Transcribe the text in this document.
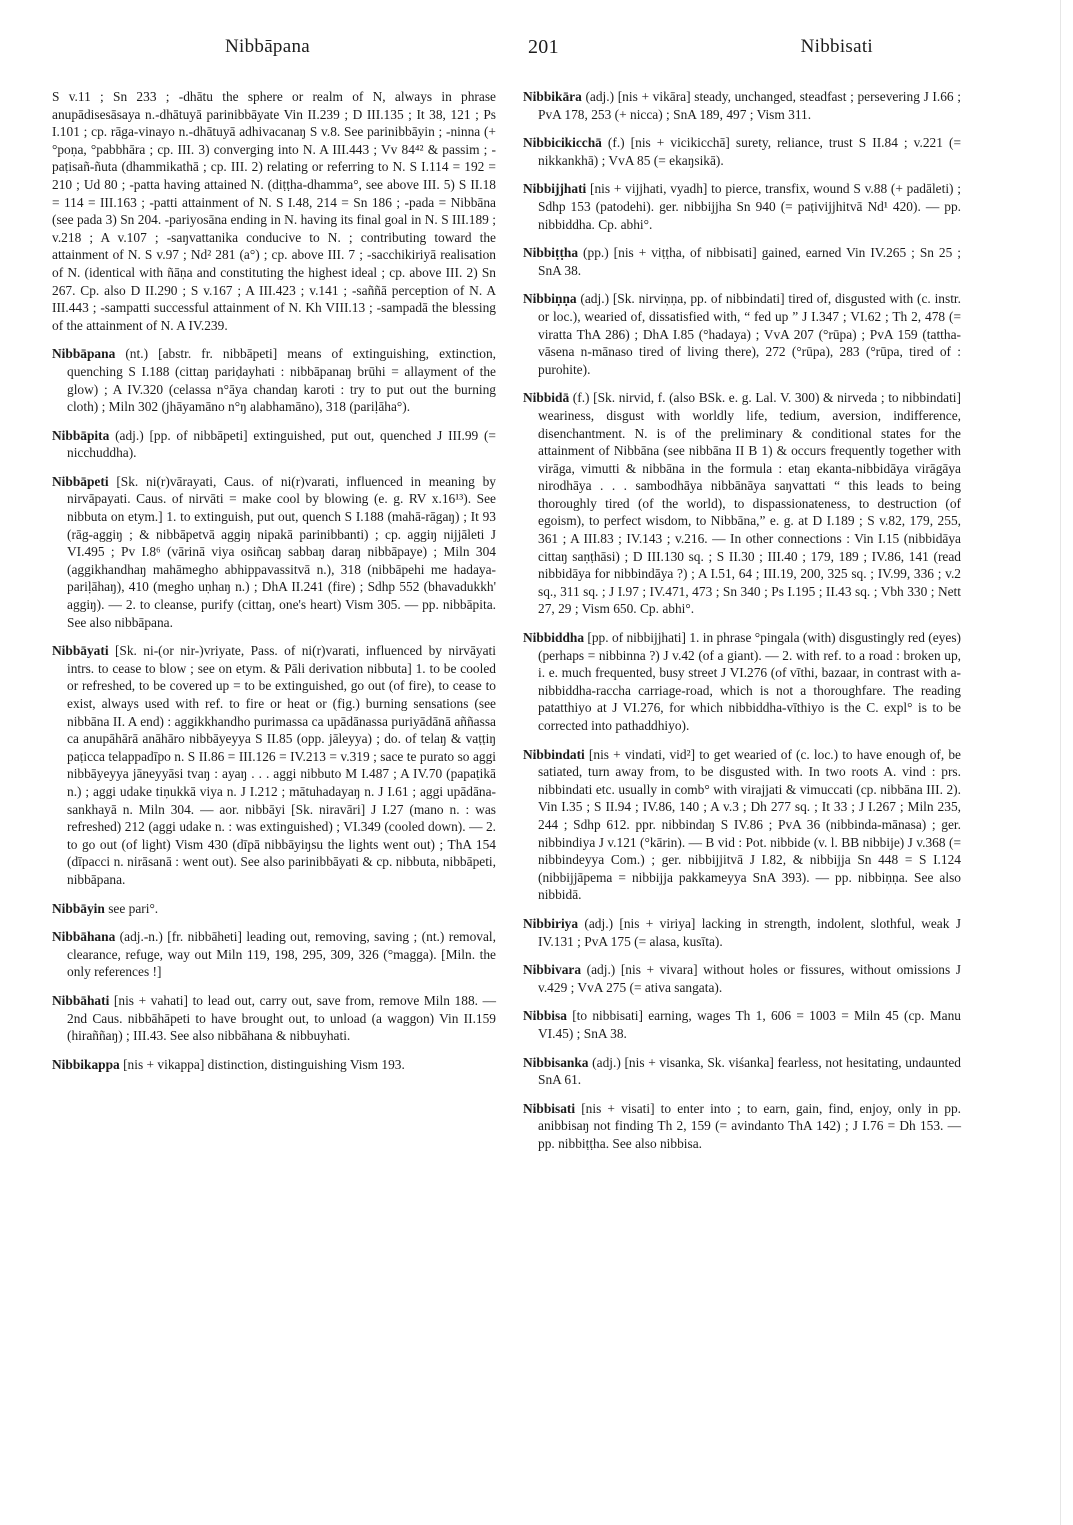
Nibbāpana	201	Nibbisati

S v.11 ; Sn 233 ; -dhātu the sphere or realm of N, always in phrase anupādisesāsaya n.-dhātuyā parinibbāyate Vin II.239 ; D III.135 ; It 38, 121 ; Ps I.101 ; cp. rāga-vinayo n.-dhātuyā adhivacanaŋ S v.8. See parinibbāyin ; -ninna (+ °poṇa, °pabbhāra ; cp. III. 3) converging into N. A III.443 ; Vv 84⁴² & passim ; -paṭisañ-ñuta (dhammikathā ; cp. III. 2) relating or referring to N. S I.114 = 192 = 210 ; Ud 80 ; -patta having attained N. (diṭṭha-dhamma°, see above III. 5) S II.18 = 114 = III.163 ; -patti attainment of N. S I.48, 214 = Sn 186 ; -pada = Nibbāna (see pada 3) Sn 204. -pariyosāna ending in N. having its final goal in N. S III.189 ; v.218 ; A v.107 ; -saŋvattanika conducive to N. ; contributing toward the attainment of N. S v.97 ; Nd² 281 (a°) ; cp. above III. 7 ; -sacchikiriyā realisation of N. (identical with ñāṇa and constituting the highest ideal ; cp. above III. 2) Sn 267. Cp. also D II.290 ; S v.167 ; A III.423 ; v.141 ; -saññā perception of N. A III.443 ; -sampatti successful attainment of N. Kh VIII.13 ; -sampadā the blessing of the attainment of N. A IV.239.

Nibbāpana (nt.) [abstr. fr. nibbāpeti] means of extinguishing, extinction, quenching S I.188 (cittaŋ pariḍayhati : nibbāpanaŋ brūhi = allayment of the glow) ; A IV.320 (celassa n°āya chandaŋ karoti : try to put out the burning cloth) ; Miln 302 (jhāyamāno n°ŋ alabhamāno), 318 (pariḷāha°).

Nibbāpita (adj.) [pp. of nibbāpeti] extinguished, put out, quenched J III.99 (= nicchuddha).

Nibbāpeti [Sk. ni(r)vārayati, Caus. of ni(r)varati, influenced in meaning by nirvāpayati. Caus. of nirvāti = make cool by blowing (e. g. RV x.16¹³). See nibbuta on etym.] 1. to extinguish, put out, quench S I.188 (mahā-rāgaŋ) ; It 93 (rāg-aggiŋ ; & nibbāpetvā aggiŋ nipakā parinibbanti) ; cp. aggiŋ nijjāleti J VI.495 ; Pv I.8⁶ (vārinā viya osiñcaŋ sabbaŋ daraŋ nibbāpaye) ; Miln 304 (aggikhandhaŋ mahāmegho abhippavassitvā n.), 318 (nibbāpehi me hadaya-pariḷāhaŋ), 410 (megho uṇhaŋ n.) ; DhA II.241 (fire) ; Sdhp 552 (bhavadukkh' aggiŋ). — 2. to cleanse, purify (cittaŋ, one's heart) Vism 305. — pp. nibbāpita. See also nibbāpana.

Nibbāyati [Sk. ni-(or nir-)vriyate, Pass. of ni(r)varati, influenced by nirvāyati intrs. to cease to blow ; see on etym. & Pāli derivation nibbuta] 1. to be cooled or refreshed, to be covered up = to be extinguished, go out (of fire), to cease to exist, always used with ref. to fire or heat or (fig.) burning sensations (see nibbāna II. A end) : aggikkhandho purimassa ca upādānassa puriyādānā aññassa ca anupāhārā anāhāro nibbāyeyya S II.85 (opp. jāleyya) ; do. of telaŋ & vaṭṭiŋ paṭicca telappadīpo n. S II.86 = III.126 = IV.213 = v.319 ; sace te purato so aggi nibbāyeyya jāneyyāsi tvaŋ : ayaŋ . . . aggi nibbuto M I.487 ; A IV.70 (papaṭikā n.) ; aggi udake tiṇukkā viya n. J I.212 ; mātuhadayaŋ n. J I.61 ; aggi upādāna-sankhayā n. Miln 304. — aor. nibbāyi [Sk. niravāri] J I.27 (mano n. : was refreshed) 212 (aggi udake n. : was extinguished) ; VI.349 (cooled down). — 2. to go out (of light) Vism 430 (dīpā nibbāyiŋsu the lights went out) ; ThA 154 (dīpacci n. nirāsanā : went out). See also parinibbāyati & cp. nibbuta, nibbāpeti, nibbāpana.

Nibbāyin see pari°.

Nibbāhana (adj.-n.) [fr. nibbāheti] leading out, removing, saving ; (nt.) removal, clearance, refuge, way out Miln 119, 198, 295, 309, 326 (°magga). [Miln. the only references !]

Nibbāhati [nis + vahati] to lead out, carry out, save from, remove Miln 188. — 2nd Caus. nibbāhāpeti to have brought out, to unload (a waggon) Vin II.159 (hiraññaŋ) ; III.43. See also nibbāhana & nibbuyhati.

Nibbikappa [nis + vikappa] distinction, distinguishing Vism 193.

Nibbikāra (adj.) [nis + vikāra] steady, unchanged, steadfast ; persevering J I.66 ; PvA 178, 253 (+ nicca) ; SnA 189, 497 ; Vism 311.

Nibbicikicchā (f.) [nis + vicikicchā] surety, reliance, trust S II.84 ; v.221 (= nikkankhā) ; VvA 85 (= ekaŋsikā).

Nibbijjhati [nis + vijjhati, vyadh] to pierce, transfix, wound S v.88 (+ padāleti) ; Sdhp 153 (patodehi). ger. nibbijjha Sn 940 (= paṭivijjhitvā Nd¹ 420). — pp. nibbiddha. Cp. abhi°.

Nibbiṭṭha (pp.) [nis + viṭṭha, of nibbisati] gained, earned Vin IV.265 ; Sn 25 ; SnA 38.

Nibbiṇṇa (adj.) [Sk. nirviṇṇa, pp. of nibbindati] tired of, disgusted with (c. instr. or loc.), wearied of, dissatisfied with, “ fed up ” J I.347 ; VI.62 ; Th 2, 478 (= viratta ThA 286) ; DhA I.85 (°hadaya) ; VvA 207 (°rūpa) ; PvA 159 (tattha-vāsena n-mānaso tired of living there), 272 (°rūpa), 283 (°rūpa, tired of : purohite).

Nibbidā (f.) [Sk. nirvid, f. (also BSk. e. g. Lal. V. 300) & nirveda ; to nibbindati] weariness, disgust with worldly life, tedium, aversion, indifference, disenchantment. N. is of the preliminary & conditional states for the attainment of Nibbāna (see nibbāna II B 1) & occurs frequently together with virāga, vimutti & nibbāna in the formula : etaŋ ekanta-nibbidāya virāgāya nirodhāya . . . sambodhāya nibbānāya saŋvattati “ this leads to being thoroughly tired (of the world), to dispassionateness, to destruction (of egoism), to perfect wisdom, to Nibbāna,” e. g. at D I.189 ; S v.82, 179, 255, 361 ; A III.83 ; IV.143 ; v.216. — In other connections : Vin I.15 (nibbidāya cittaŋ saṇṭhāsi) ; D III.130 sq. ; S II.30 ; III.40 ; 179, 189 ; IV.86, 141 (read nibbidāya for nibbindāya ?) ; A I.51, 64 ; III.19, 200, 325 sq. ; IV.99, 336 ; v.2 sq., 311 sq. ; J I.97 ; IV.471, 473 ; Sn 340 ; Ps I.195 ; II.43 sq. ; Vbh 330 ; Nett 27, 29 ; Vism 650. Cp. abhi°.

Nibbiddha [pp. of nibbijjhati] 1. in phrase °pingala (with) disgustingly red (eyes) (perhaps = nibbinna ?) J v.42 (of a giant). — 2. with ref. to a road : broken up, i. e. much frequented, busy street J VI.276 (of vīthi, bazaar, in contrast with a-nibbiddha-raccha carriage-road, which is not a thoroughfare. The reading patatthiyo at J VI.276, for which nibbiddha-vīthiyo is the C. expl° is to be corrected into pathaddhiyo).

Nibbindati [nis + vindati, vid²] to get wearied of (c. loc.) to have enough of, be satiated, turn away from, to be disgusted with. In two roots A. vind : prs. nibbindati etc. usually in comb° with virajjati & vimuccati (cp. nibbāna III. 2). Vin I.35 ; S II.94 ; IV.86, 140 ; A v.3 ; Dh 277 sq. ; It 33 ; J I.267 ; Miln 235, 244 ; Sdhp 612. ppr. nibbindaŋ S IV.86 ; PvA 36 (nibbinda-mānasa) ; ger. nibbindiya J v.121 (°kārin). — B vid : Pot. nibbide (v. l. BB nibbije) J v.368 (= nibbindeyya Com.) ; ger. nibbijjitvā J I.82, & nibbijja Sn 448 = S I.124 (nibbijjāpema = nibbijja pakkameyya SnA 393). — pp. nibbiṇṇa. See also nibbidā.

Nibbiriya (adj.) [nis + viriya] lacking in strength, indolent, slothful, weak J IV.131 ; PvA 175 (= alasa, kusīta).

Nibbivara (adj.) [nis + vivara] without holes or fissures, without omissions J v.429 ; VvA 275 (= ativa sangata).

Nibbisa [to nibbisati] earning, wages Th 1, 606 = 1003 = Miln 45 (cp. Manu VI.45) ; SnA 38.

Nibbisanka (adj.) [nis + visanka, Sk. viśanka] fearless, not hesitating, undaunted SnA 61.

Nibbisati [nis + visati] to enter into ; to earn, gain, find, enjoy, only in pp. anibbisaŋ not finding Th 2, 159 (= avindanto ThA 142) ; J I.76 = Dh 153. — pp. nibbiṭṭha. See also nibbisa.
